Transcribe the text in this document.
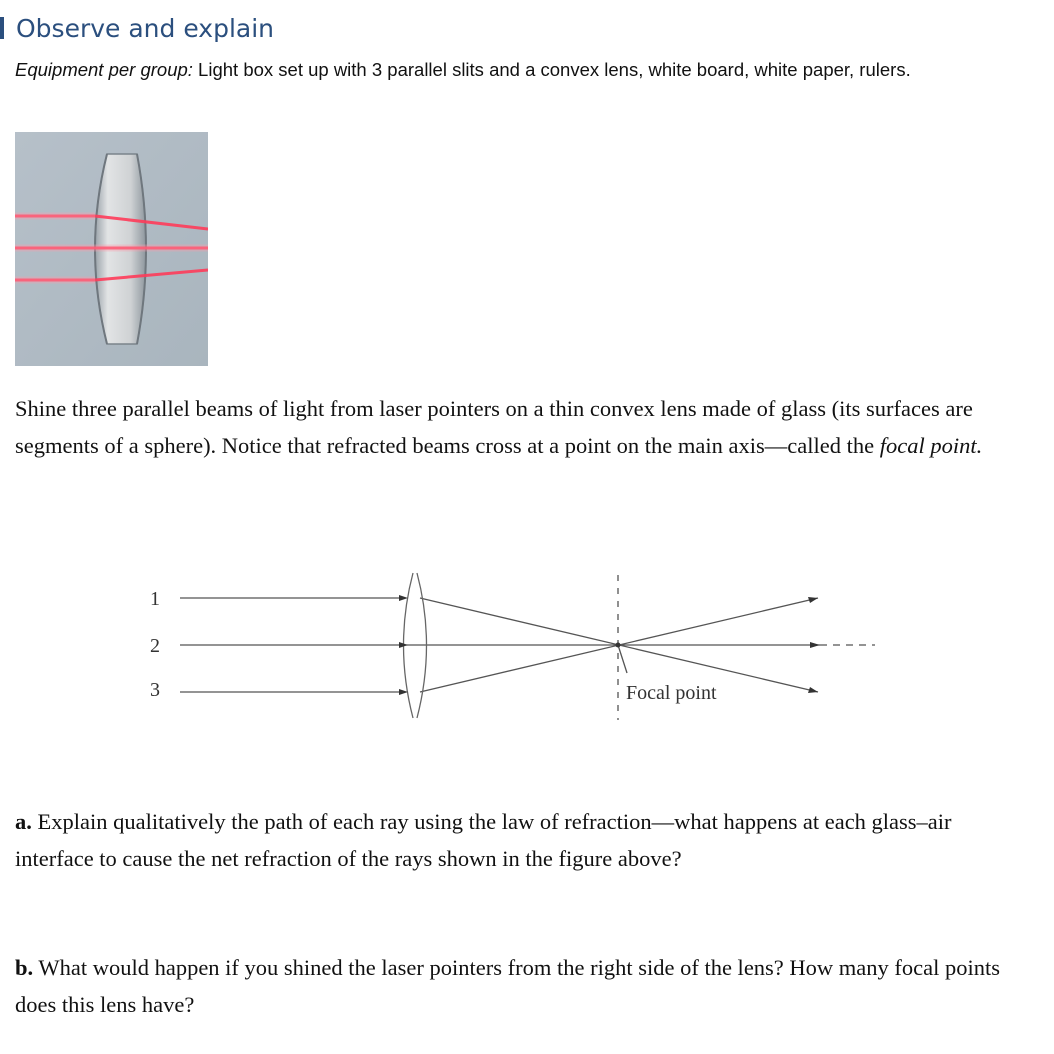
Observe and explain
Equipment per group: Light box set up with 3 parallel slits and a convex lens, white board, white paper, rulers.
Shine three parallel beams of light from laser pointers on a thin convex lens made of glass (its surfaces are segments of a sphere). Notice that refracted beams cross at a point on the main axis—called the focal point.
1
2
3	Focal point
a. Explain qualitatively the path of each ray using the law of refraction—what happens at each glass–air interface to cause the net refraction of the rays shown in the figure above?
b. What would happen if you shined the laser pointers from the right side of the lens? How many focal points does this lens have?
